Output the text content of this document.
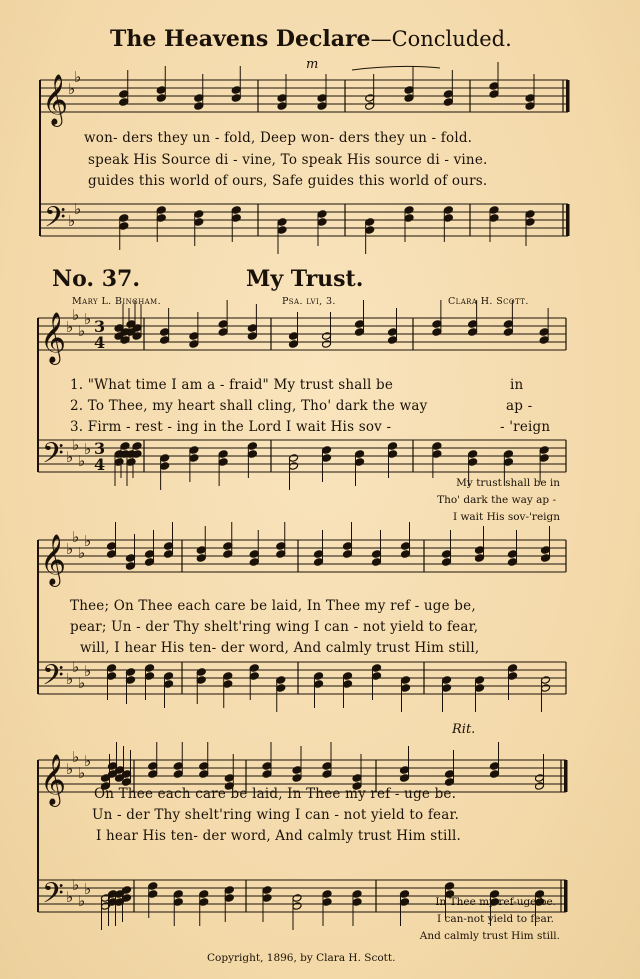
𝄞 ♭
♭
𝄢 ♭
♭
𝄞 ♭
♭
♭
♭ 3
4
𝄢 ♭
♭
♭
♭ 3
4
𝄞 ♭
♭
♭
♭
𝄢 ♭
♭
♭
♭
𝄞 ♭
♭
♭
♭
𝄢 ♭
♭
♭
♭
The Heavens Declare—Concluded.
m
won- ders they un - fold, Deep won- ders they un - fold.
speak His Source di - vine, To speak His source di - vine.
guides this world of ours, Safe guides this world of ours.
No. 37.	My Trust.
Mary L. Bingham.	Psa. lvi, 3.	Clara H. Scott.
1. "What time I am a - fraid" My trust shall be
2. To Thee, my heart shall cling, Tho' dark the way
3. Firm - rest - ing in the Lord I wait His sov -
in
ap -
- 'reign
My trust shall be in
Tho' dark the way ap -
I wait His sov-'reign
Thee; On Thee each care be laid, In Thee my ref - uge be,
pear; Un - der Thy shelt'ring wing I can - not yield to fear,
will, I hear His ten- der word, And calmly trust Him still,
Rit.
On Thee each care be laid, In Thee my ref - uge be.
Un - der Thy shelt'ring wing I can - not yield to fear.
I hear His ten- der word, And calmly trust Him still.
In Thee my ref-uge be.
I can-not yield to fear.
And calmly trust Him still.
Copyright, 1896, by Clara H. Scott.
